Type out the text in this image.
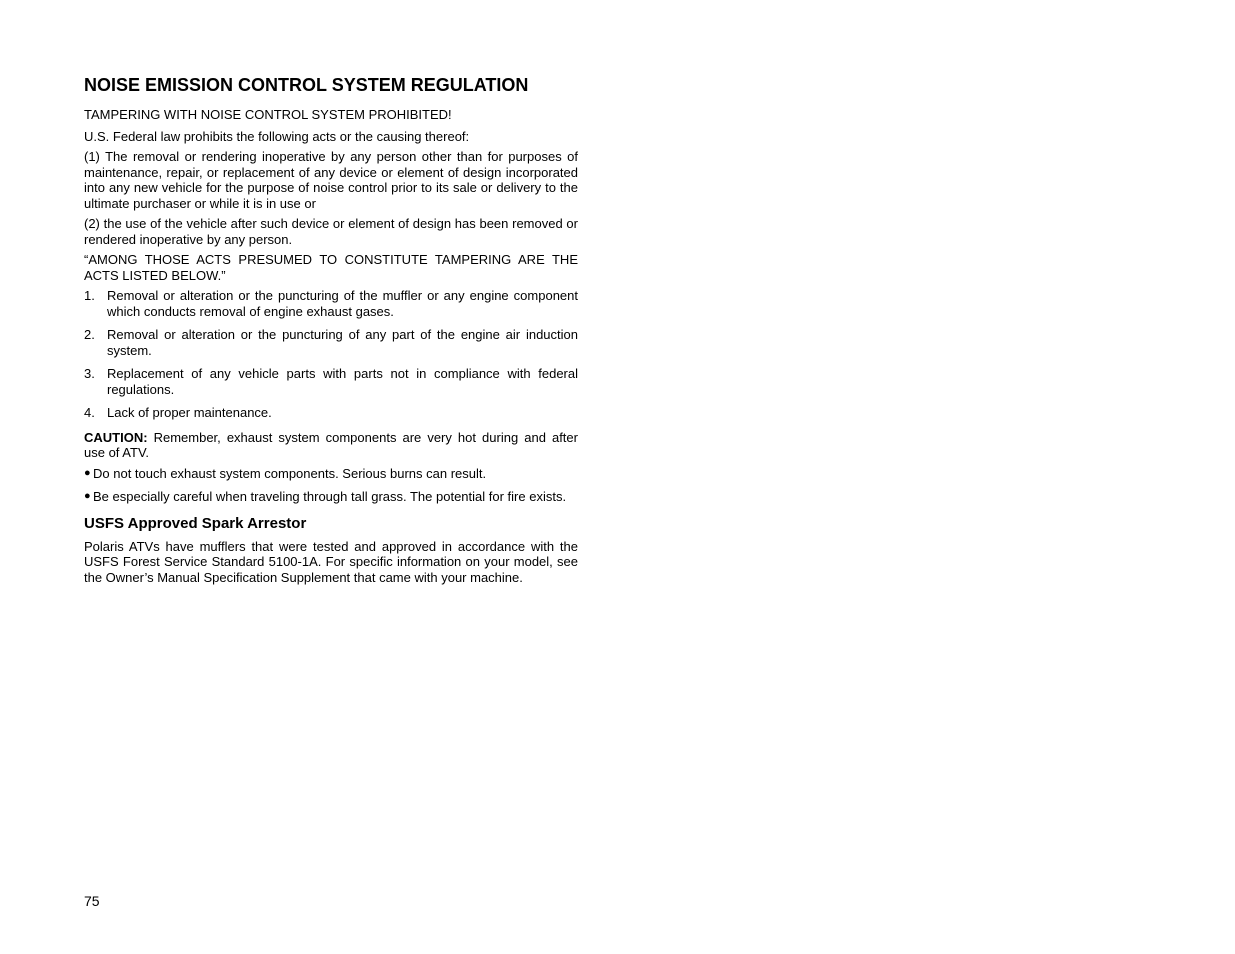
NOISE EMISSION CONTROL SYSTEM REGULATION
TAMPERING WITH NOISE CONTROL SYSTEM PROHIBITED!
U.S. Federal law prohibits the following acts or the causing thereof:
(1) The removal or rendering inoperative by any person other than for purposes of maintenance, repair, or replacement of any device or element of design incorporated into any new vehicle for the purpose of noise control prior to its sale or delivery to the ultimate purchaser or while it is in use or
(2) the use of the vehicle after such device or element of design has been removed or rendered inoperative by any person.
“AMONG THOSE ACTS PRESUMED TO CONSTITUTE TAMPERING ARE THE ACTS LISTED BELOW.”
1. Removal or alteration or the puncturing of the muffler or any engine component which conducts removal of engine exhaust gases.
2. Removal or alteration or the puncturing of any part of the engine air induction system.
3. Replacement of any vehicle parts with parts not in compliance with federal regulations.
4. Lack of proper maintenance.
CAUTION: Remember, exhaust system components are very hot during and after use of ATV.
● Do not touch exhaust system components. Serious burns can result.
● Be especially careful when traveling through tall grass. The potential for fire exists.
USFS Approved Spark Arrestor
Polaris ATVs have mufflers that were tested and approved in accordance with the USFS Forest Service Standard 5100-1A. For specific information on your model, see the Owner’s Manual Specification Supplement that came with your machine.
75
